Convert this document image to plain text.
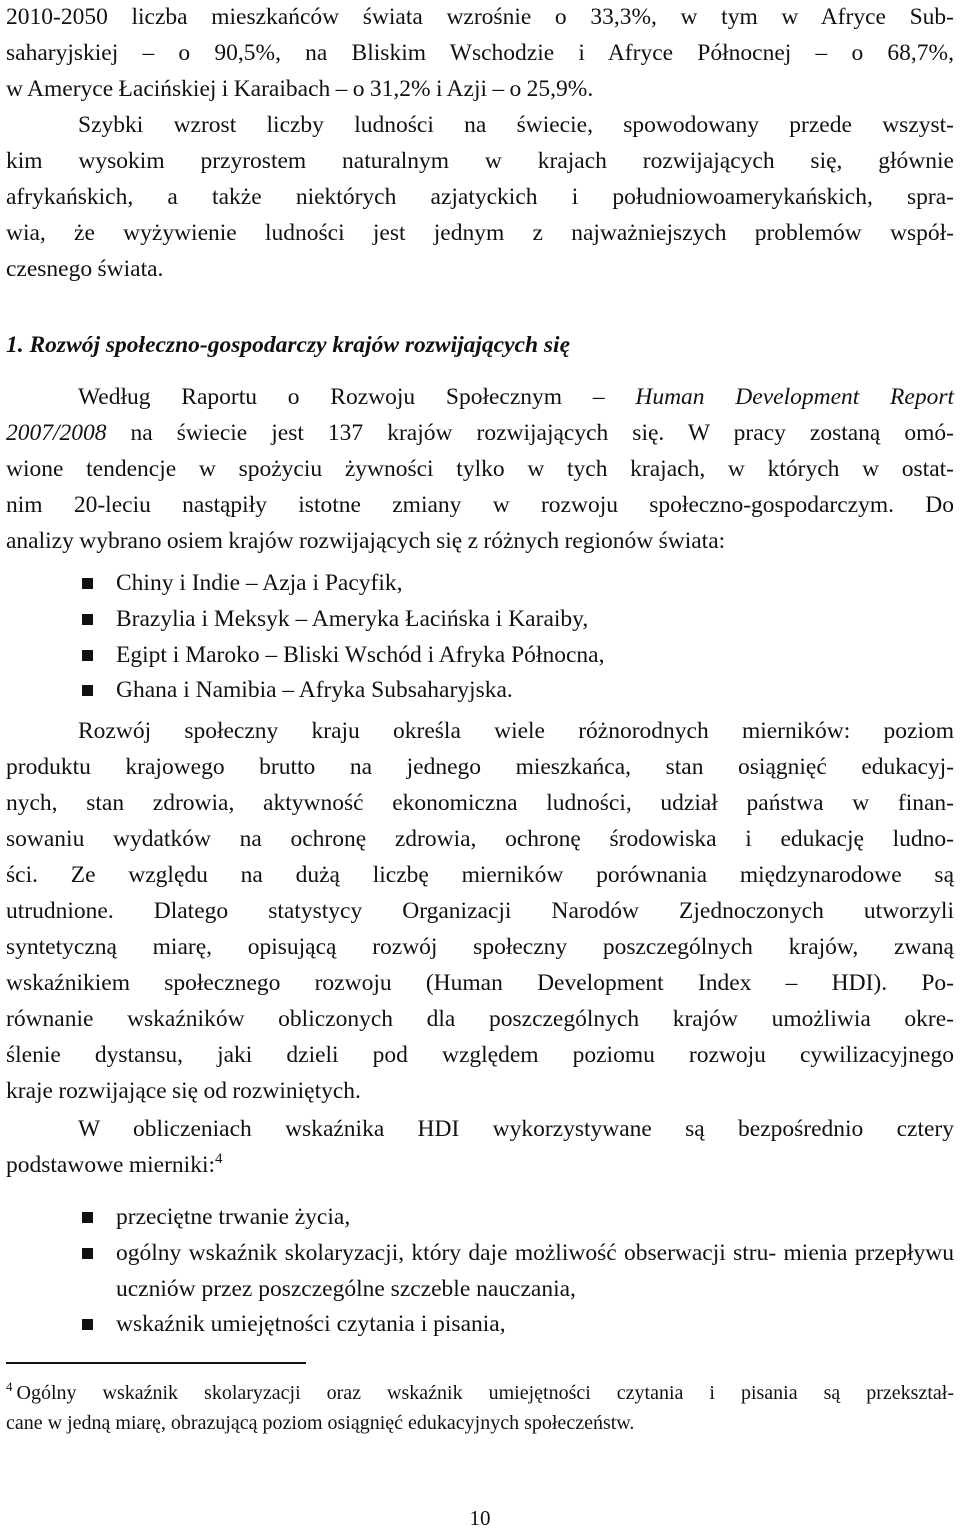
2010-2050 liczba mieszkańców świata wzrośnie o 33,3%, w tym w Afryce Sub-

saharyjskiej – o 90,5%, na Bliskim Wschodzie i Afryce Północnej – o 68,7%,

w Ameryce Łacińskiej i Karaibach – o 31,2% i Azji – o 25,9%.

Szybki wzrost liczby ludności na świecie, spowodowany przede wszyst-

kim wysokim przyrostem naturalnym w krajach rozwijających się, głównie

afrykańskich, a także niektórych azjatyckich i południowoamerykańskich, spra-

wia, że wyżywienie ludności jest jednym z najważniejszych problemów współ-

czesnego świata.

1. Rozwój społeczno-gospodarczy krajów rozwijających się

Według Raportu o Rozwoju Społecznym – Human Development Report

2007/2008 na świecie jest 137 krajów rozwijających się. W pracy zostaną omó-

wione tendencje w spożyciu żywności tylko w tych krajach, w których w ostat-

nim 20-leciu nastąpiły istotne zmiany w rozwoju społeczno-gospodarczym. Do

analizy wybrano osiem krajów rozwijających się z różnych regionów świata:

Chiny i Indie – Azja i Pacyfik,
Brazylia i Meksyk – Ameryka Łacińska i Karaiby,
Egipt i Maroko – Bliski Wschód i Afryka Północna,
Ghana i Namibia – Afryka Subsaharyjska.

Rozwój społeczny kraju określa wiele różnorodnych mierników: poziom

produktu krajowego brutto na jednego mieszkańca, stan osiągnięć edukacyj-

nych, stan zdrowia, aktywność ekonomiczna ludności, udział państwa w finan-

sowaniu wydatków na ochronę zdrowia, ochronę środowiska i edukację ludno-

ści. Ze względu na dużą liczbę mierników porównania międzynarodowe są

utrudnione. Dlatego statystycy Organizacji Narodów Zjednoczonych utworzyli

syntetyczną miarę, opisującą rozwój społeczny poszczególnych krajów, zwaną

wskaźnikiem społecznego rozwoju (Human Development Index – HDI). Po-

równanie wskaźników obliczonych dla poszczególnych krajów umożliwia okre-

ślenie dystansu, jaki dzieli pod względem poziomu rozwoju cywilizacyjnego

kraje rozwijające się od rozwiniętych.

W obliczeniach wskaźnika HDI wykorzystywane są bezpośrednio cztery

podstawowe mierniki:$^4$

przeciętne trwanie życia,
ogólny wskaźnik skolaryzacji, który daje możliwość obserwacji stru- mienia przepływu uczniów przez poszczególne szczeble nauczania,
wskaźnik umiejętności czytania i pisania,

$^4$ Ogólny wskaźnik skolaryzacji oraz wskaźnik umiejętności czytania i pisania są przekształ-

cane w jedną miarę, obrazującą poziom osiągnięć edukacyjnych społeczeństw.

10
